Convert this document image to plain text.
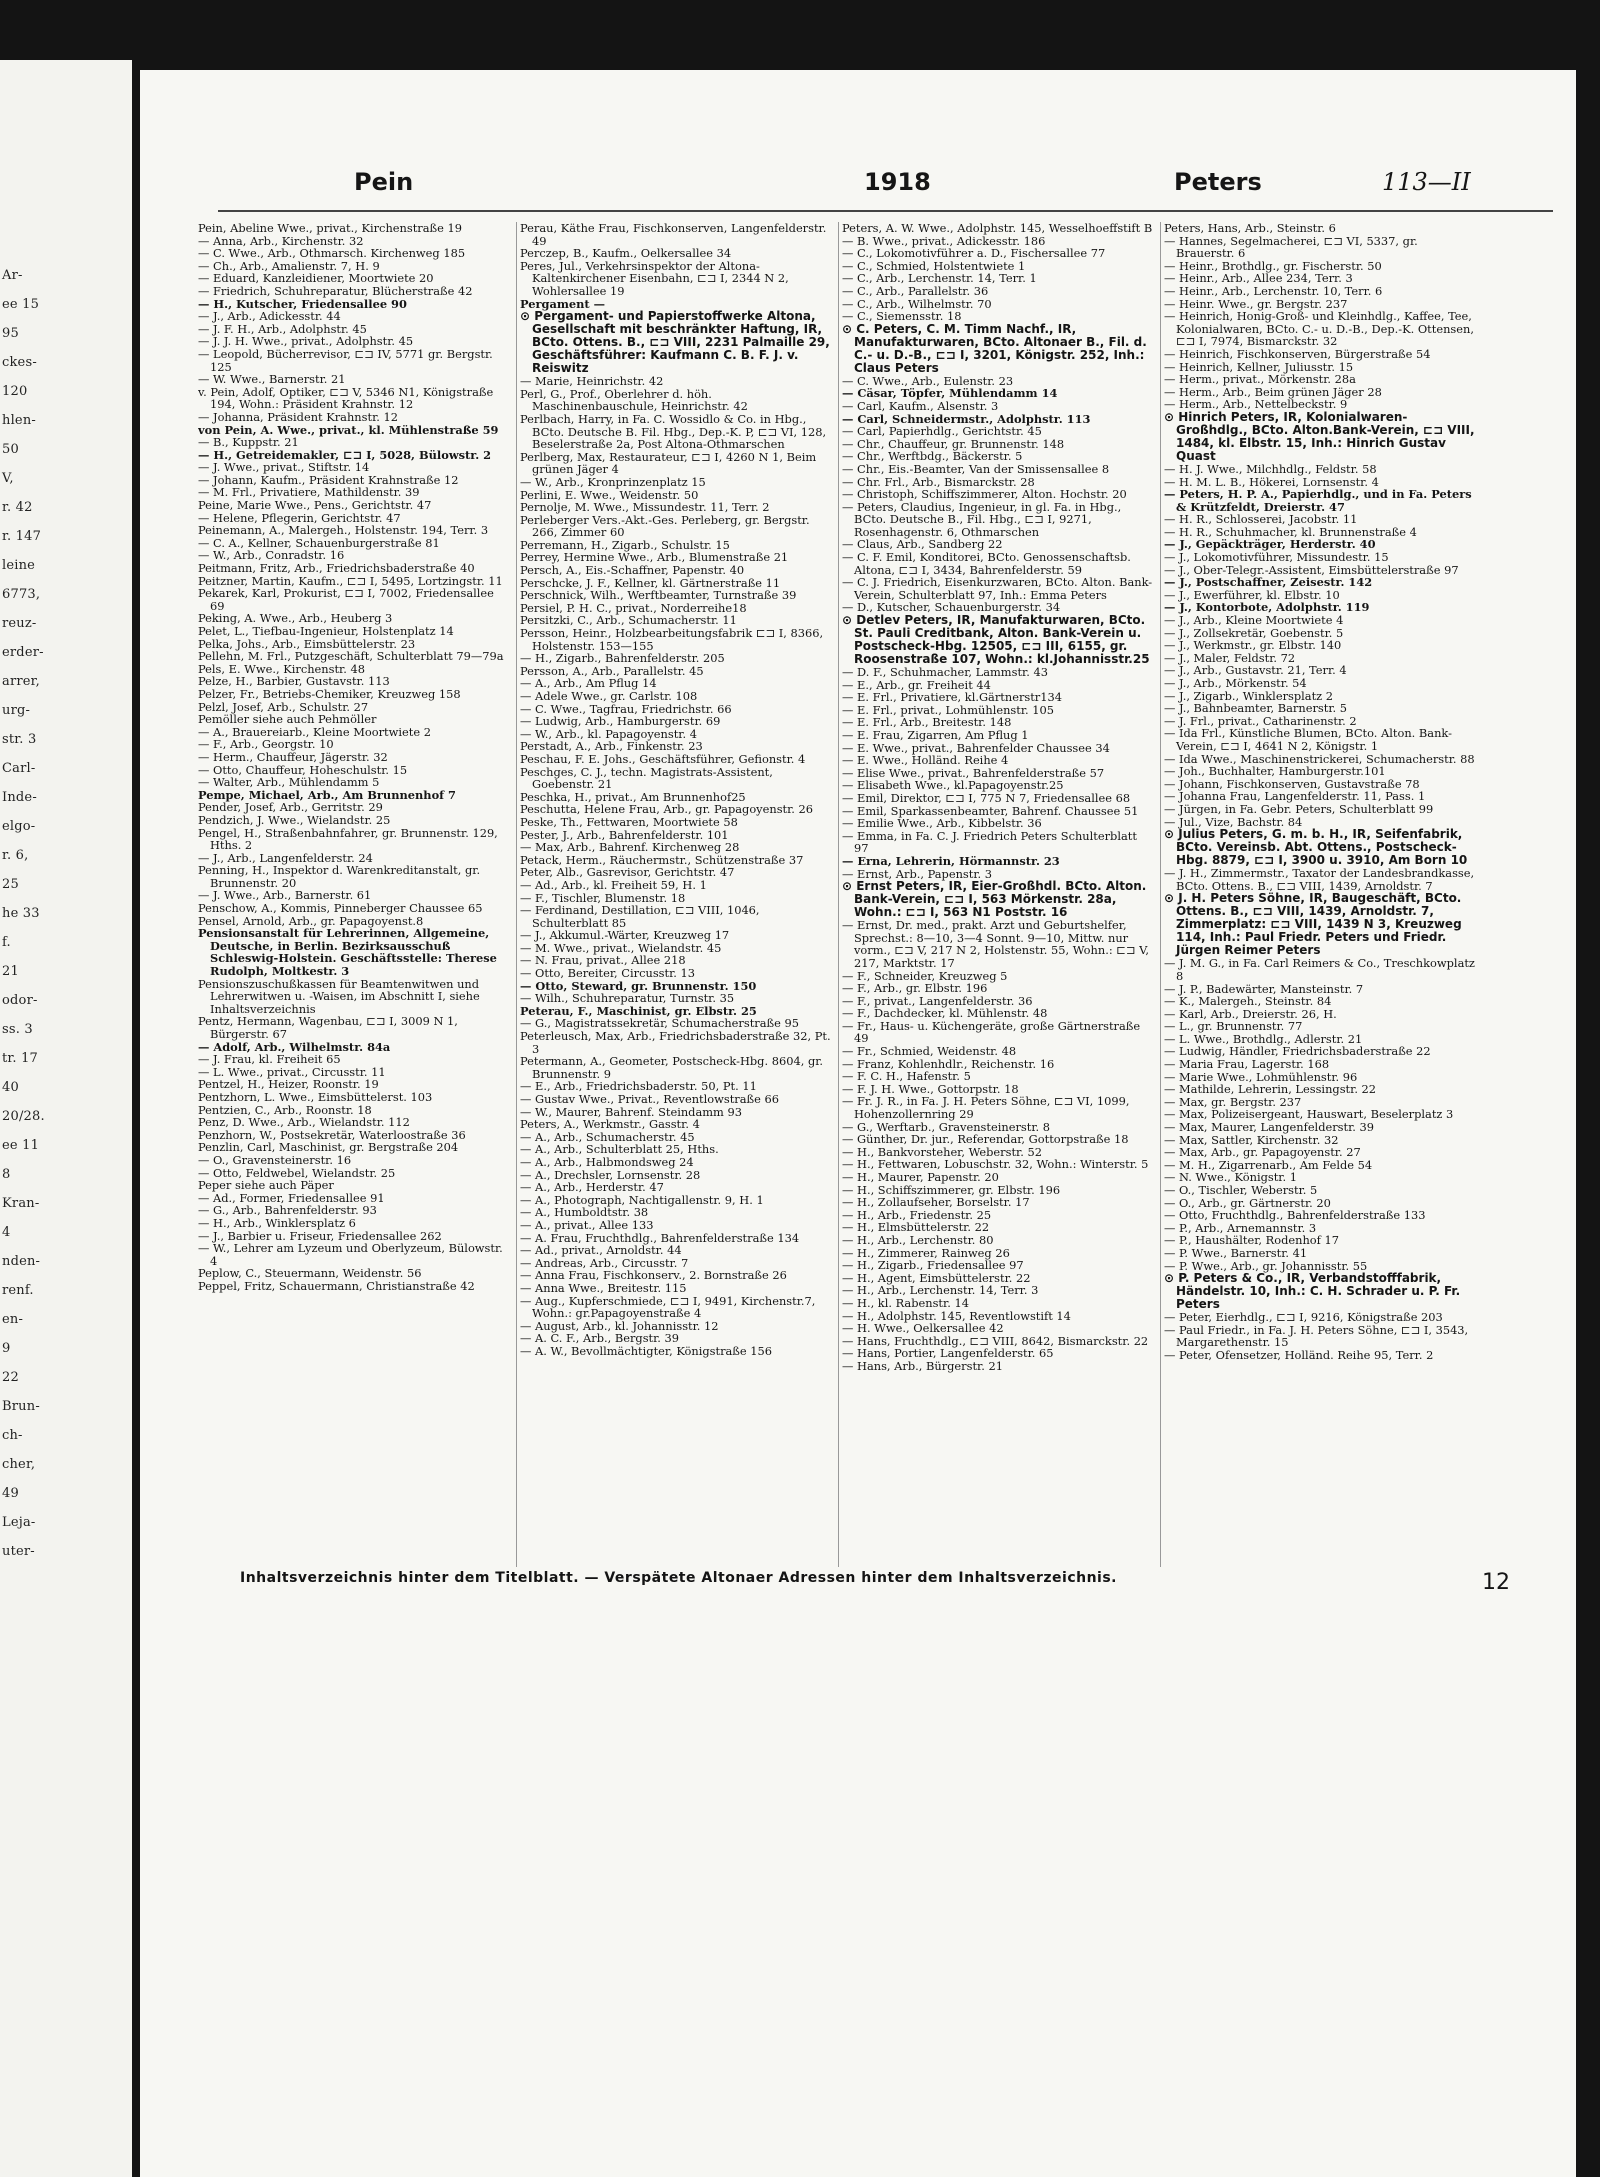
Ar-
ee 15
95
ckes-
120
hlen-
50
V,
r. 42
r. 147
leine
6773,
reuz-
erder-
arrer,
urg-
str. 3
Carl-
Inde-
elgo-
r. 6,
25
he 33
f.
21
odor-
ss. 3
tr. 17
40
20/28.
ee 11
8
Kran-
4
nden-
renf.
en-
9
22
Brun-
ch-
cher,
49
Leja-
uter-
Pein	1918	Peters	113—II
Pein, Abeline Wwe., privat., Kirchenstraße 19
— Anna, Arb., Kirchenstr. 32
— C. Wwe., Arb., Othmarsch. Kirchenweg 185
— Ch., Arb., Amalienstr. 7, H. 9
— Eduard, Kanzleidiener, Moortwiete 20
— Friedrich, Schuhreparatur, Blücherstraße 42
— H., Kutscher, Friedensallee 90
— J., Arb., Adickesstr. 44
— J. F. H., Arb., Adolphstr. 45
— J. J. H. Wwe., privat., Adolphstr. 45
— Leopold, Bücherrevisor, ⊏⊐ IV, 5771 gr. Bergstr. 125
— W. Wwe., Barnerstr. 21
v. Pein, Adolf, Optiker, ⊏⊐ V, 5346 N1, Königstraße 194, Wohn.: Präsident Krahnstr. 12
— Johanna, Präsident Krahnstr. 12
von Pein, A. Wwe., privat., kl. Mühlenstraße 59
— B., Kuppstr. 21
— H., Getreidemakler, ⊏⊐ I, 5028, Bülowstr. 2
— J. Wwe., privat., Stiftstr. 14
— Johann, Kaufm., Präsident Krahnstraße 12
— M. Frl., Privatiere, Mathildenstr. 39
Peine, Marie Wwe., Pens., Gerichtstr. 47
— Helene, Pflegerin, Gerichtstr. 47
Peinemann, A., Malergeh., Holstenstr. 194, Terr. 3
— C. A., Kellner, Schauenburgerstraße 81
— W., Arb., Conradstr. 16
Peitmann, Fritz, Arb., Friedrichsbaderstraße 40
Peitzner, Martin, Kaufm., ⊏⊐ I, 5495, Lortzingstr. 11
Pekarek, Karl, Prokurist, ⊏⊐ I, 7002, Friedensallee 69
Peking, A. Wwe., Arb., Heuberg 3
Pelet, L., Tiefbau-Ingenieur, Holstenplatz 14
Pelka, Johs., Arb., Eimsbüttelerstr. 23
Pellehn, M. Frl., Putzgeschäft, Schulterblatt 79—79a
Pels, E. Wwe., Kirchenstr. 48
Pelze, H., Barbier, Gustavstr. 113
Pelzer, Fr., Betriebs-Chemiker, Kreuzweg 158
Pelzl, Josef, Arb., Schulstr. 27
Pemöller siehe auch Pehmöller
— A., Brauereiarb., Kleine Moortwiete 2
— F., Arb., Georgstr. 10
— Herm., Chauffeur, Jägerstr. 32
— Otto, Chauffeur, Hoheschulstr. 15
— Walter, Arb., Mühlendamm 5
Pempe, Michael, Arb., Am Brunnenhof 7
Pender, Josef, Arb., Gerritstr. 29
Pendzich, J. Wwe., Wielandstr. 25
Pengel, H., Straßenbahnfahrer, gr. Brunnenstr. 129, Hths. 2
— J., Arb., Langenfelderstr. 24
Penning, H., Inspektor d. Warenkreditanstalt, gr. Brunnenstr. 20
— J. Wwe., Arb., Barnerstr. 61
Penschow, A., Kommis, Pinneberger Chaussee 65
Pensel, Arnold, Arb., gr. Papagoyenst.8
Pensionsanstalt für Lehrerinnen, Allgemeine, Deutsche, in Berlin. Bezirksausschuß Schleswig-Holstein. Geschäftsstelle: Therese Rudolph, Moltkestr. 3
Pensionszuschußkassen für Beamtenwitwen und Lehrerwitwen u. -Waisen, im Abschnitt I, siehe Inhaltsverzeichnis
Pentz, Hermann, Wagenbau, ⊏⊐ I, 3009 N 1, Bürgerstr. 67
— Adolf, Arb., Wilhelmstr. 84a
— J. Frau, kl. Freiheit 65
— L. Wwe., privat., Circusstr. 11
Pentzel, H., Heizer, Roonstr. 19
Pentzhorn, L. Wwe., Eimsbüttelerst. 103
Pentzien, C., Arb., Roonstr. 18
Penz, D. Wwe., Arb., Wielandstr. 112
Penzhorn, W., Postsekretär, Waterloostraße 36
Penzlin, Carl, Maschinist, gr. Bergstraße 204
— O., Gravensteinerstr. 16
— Otto, Feldwebel, Wielandstr. 25
Peper siehe auch Päper
— Ad., Former, Friedensallee 91
— G., Arb., Bahrenfelderstr. 93
— H., Arb., Winklersplatz 6
— J., Barbier u. Friseur, Friedensallee 262
— W., Lehrer am Lyzeum und Oberlyzeum, Bülowstr. 4
Peplow, C., Steuermann, Weidenstr. 56
Peppel, Fritz, Schauermann, Christianstraße 42
Perau, Käthe Frau, Fischkonserven, Langenfelderstr. 49
Perczep, B., Kaufm., Oelkersallee 34
Peres, Jul., Verkehrsinspektor der Altona-Kaltenkirchener Eisenbahn, ⊏⊐ I, 2344 N 2, Wohlersallee 19
Pergament —
⊙ Pergament- und Papierstoffwerke Altona, Gesellschaft mit beschränkter Haftung, IR, BCto. Ottens. B., ⊏⊐ VIII, 2231 Palmaille 29, Geschäftsführer: Kaufmann C. B. F. J. v. Reiswitz
— Marie, Heinrichstr. 42
Perl, G., Prof., Oberlehrer d. höh. Maschinenbauschule, Heinrichstr. 42
Perlbach, Harry, in Fa. C. Wossidlo & Co. in Hbg., BCto. Deutsche B. Fil. Hbg., Dep.-K. P, ⊏⊐ VI, 128, Beselerstraße 2a, Post Altona-Othmarschen
Perlberg, Max, Restaurateur, ⊏⊐ I, 4260 N 1, Beim grünen Jäger 4
— W., Arb., Kronprinzenplatz 15
Perlini, E. Wwe., Weidenstr. 50
Pernolje, M. Wwe., Missundestr. 11, Terr. 2
Perleberger Vers.-Akt.-Ges. Perleberg, gr. Bergstr. 266, Zimmer 60
Perremann, H., Zigarb., Schulstr. 15
Perrey, Hermine Wwe., Arb., Blumenstraße 21
Persch, A., Eis.-Schaffner, Papenstr. 40
Perschcke, J. F., Kellner, kl. Gärtnerstraße 11
Perschnick, Wilh., Werftbeamter, Turnstraße 39
Persiel, P. H. C., privat., Norderreihe18
Persitzki, C., Arb., Schumacherstr. 11
Persson, Heinr., Holzbearbeitungsfabrik ⊏⊐ I, 8366, Holstenstr. 153—155
— H., Zigarb., Bahrenfelderstr. 205
Persson, A., Arb., Parallelstr. 45
— A., Arb., Am Pflug 14
— Adele Wwe., gr. Carlstr. 108
— C. Wwe., Tagfrau, Friedrichstr. 66
— Ludwig, Arb., Hamburgerstr. 69
— W., Arb., kl. Papagoyenstr. 4
Perstadt, A., Arb., Finkenstr. 23
Peschau, F. E. Johs., Geschäftsführer, Gefionstr. 4
Peschges, C. J., techn. Magistrats-Assistent, Goebenstr. 21
Peschka, H., privat., Am Brunnenhof25
Peschutta, Helene Frau, Arb., gr. Papagoyenstr. 26
Peske, Th., Fettwaren, Moortwiete 58
Pester, J., Arb., Bahrenfelderstr. 101
— Max, Arb., Bahrenf. Kirchenweg 28
Petack, Herm., Räuchermstr., Schützenstraße 37
Peter, Alb., Gasrevisor, Gerichtstr. 47
— Ad., Arb., kl. Freiheit 59, H. 1
— F., Tischler, Blumenstr. 18
— Ferdinand, Destillation, ⊏⊐ VIII, 1046, Schulterblatt 85
— J., Akkumul.-Wärter, Kreuzweg 17
— M. Wwe., privat., Wielandstr. 45
— N. Frau, privat., Allee 218
— Otto, Bereiter, Circusstr. 13
— Otto, Steward, gr. Brunnenstr. 150
— Wilh., Schuhreparatur, Turnstr. 35
Peterau, F., Maschinist, gr. Elbstr. 25
— G., Magistratssekretär, Schumacherstraße 95
Peterleusch, Max, Arb., Friedrichsbaderstraße 32, Pt. 3
Petermann, A., Geometer, Postscheck-Hbg. 8604, gr. Brunnenstr. 9
— E., Arb., Friedrichsbaderstr. 50, Pt. 11
— Gustav Wwe., Privat., Reventlowstraße 66
— W., Maurer, Bahrenf. Steindamm 93
Peters, A., Werkmstr., Gasstr. 4
— A., Arb., Schumacherstr. 45
— A., Arb., Schulterblatt 25, Hths.
— A., Arb., Halbmondsweg 24
— A., Drechsler, Lornsenstr. 28
— A., Arb., Herderstr. 47
— A., Photograph, Nachtigallenstr. 9, H. 1
— A., Humboldtstr. 38
— A., privat., Allee 133
— A. Frau, Fruchthdlg., Bahrenfelderstraße 134
— Ad., privat., Arnoldstr. 44
— Andreas, Arb., Circusstr. 7
— Anna Frau, Fischkonserv., 2. Bornstraße 26
— Anna Wwe., Breitestr. 115
— Aug., Kupferschmiede, ⊏⊐ I, 9491, Kirchenstr.7, Wohn.: gr.Papagoyenstraße 4
— August, Arb., kl. Johannisstr. 12
— A. C. F., Arb., Bergstr. 39
— A. W., Bevollmächtigter, Königstraße 156
Peters, A. W. Wwe., Adolphstr. 145, Wesselhoeffstift B
— B. Wwe., privat., Adickesstr. 186
— C., Lokomotivführer a. D., Fischersallee 77
— C., Schmied, Holstentwiete 1
— C., Arb., Lerchenstr. 14, Terr. 1
— C., Arb., Parallelstr. 36
— C., Arb., Wilhelmstr. 70
— C., Siemensstr. 18
⊙ C. Peters, C. M. Timm Nachf., IR, Manufakturwaren, BCto. Altonaer B., Fil. d. C.- u. D.-B., ⊏⊐ I, 3201, Königstr. 252, Inh.: Claus Peters
— C. Wwe., Arb., Eulenstr. 23
— Cäsar, Töpfer, Mühlendamm 14
— Carl, Kaufm., Alsenstr. 3
— Carl, Schneidermstr., Adolphstr. 113
— Carl, Papierhdlg., Gerichtstr. 45
— Chr., Chauffeur, gr. Brunnenstr. 148
— Chr., Werftbdg., Bäckerstr. 5
— Chr., Eis.-Beamter, Van der Smissensallee 8
— Chr. Frl., Arb., Bismarckstr. 28
— Christoph, Schiffszimmerer, Alton. Hochstr. 20
— Peters, Claudius, Ingenieur, in gl. Fa. in Hbg., BCto. Deutsche B., Fil. Hbg., ⊏⊐ I, 9271, Rosenhagenstr. 6, Othmarschen
— Claus, Arb., Sandberg 22
— C. F. Emil, Konditorei, BCto. Genossenschaftsb. Altona, ⊏⊐ I, 3434, Bahrenfelderstr. 59
— C. J. Friedrich, Eisenkurzwaren, BCto. Alton. Bank-Verein, Schulterblatt 97, Inh.: Emma Peters
— D., Kutscher, Schauenburgerstr. 34
⊙ Detlev Peters, IR, Manufakturwaren, BCto. St. Pauli Creditbank, Alton. Bank-Verein u. Postscheck-Hbg. 12505, ⊏⊐ III, 6155, gr. Roosenstraße 107, Wohn.: kl.Johannisstr.25
— D. F., Schuhmacher, Lammstr. 43
— E., Arb., gr. Freiheit 44
— E. Frl., Privatiere, kl.Gärtnerstr134
— E. Frl., privat., Lohmühlenstr. 105
— E. Frl., Arb., Breitestr. 148
— E. Frau, Zigarren, Am Pflug 1
— E. Wwe., privat., Bahrenfelder Chaussee 34
— E. Wwe., Holländ. Reihe 4
— Elise Wwe., privat., Bahrenfelderstraße 57
— Elisabeth Wwe., kl.Papagoyenstr.25
— Emil, Direktor, ⊏⊐ I, 775 N 7, Friedensallee 68
— Emil, Sparkassenbeamter, Bahrenf. Chaussee 51
— Emilie Wwe., Arb., Kibbelstr. 36
— Emma, in Fa. C. J. Friedrich Peters Schulterblatt 97
— Erna, Lehrerin, Hörmannstr. 23
— Ernst, Arb., Papenstr. 3
⊙ Ernst Peters, IR, Eier-Großhdl. BCto. Alton. Bank-Verein, ⊏⊐ I, 563 Mörkenstr. 28a, Wohn.: ⊏⊐ I, 563 N1 Poststr. 16
— Ernst, Dr. med., prakt. Arzt und Geburtshelfer, Sprechst.: 8—10, 3—4 Sonnt. 9—10, Mittw. nur vorm., ⊏⊐ V, 217 N 2, Holstenstr. 55, Wohn.: ⊏⊐ V, 217, Marktstr. 17
— F., Schneider, Kreuzweg 5
— F., Arb., gr. Elbstr. 196
— F., privat., Langenfelderstr. 36
— F., Dachdecker, kl. Mühlenstr. 48
— Fr., Haus- u. Küchengeräte, große Gärtnerstraße 49
— Fr., Schmied, Weidenstr. 48
— Franz, Kohlenhdlr., Reichenstr. 16
— F. C. H., Hafenstr. 5
— F. J. H. Wwe., Gottorpstr. 18
— Fr. J. R., in Fa. J. H. Peters Söhne, ⊏⊐ VI, 1099, Hohenzollernring 29
— G., Werftarb., Gravensteinerstr. 8
— Günther, Dr. jur., Referendar, Gottorpstraße 18
— H., Bankvorsteher, Weberstr. 52
— H., Fettwaren, Lobuschstr. 32, Wohn.: Winterstr. 5
— H., Maurer, Papenstr. 20
— H., Schiffszimmerer, gr. Elbstr. 196
— H., Zollaufseher, Borselstr. 17
— H., Arb., Friedenstr. 25
— H., Elmsbüttelerstr. 22
— H., Arb., Lerchenstr. 80
— H., Zimmerer, Rainweg 26
— H., Zigarb., Friedensallee 97
— H., Agent, Eimsbüttelerstr. 22
— H., Arb., Lerchenstr. 14, Terr. 3
— H., kl. Rabenstr. 14
— H., Adolphstr. 145, Reventlowstift 14
— H. Wwe., Oelkersallee 42
— Hans, Fruchthdlg., ⊏⊐ VIII, 8642, Bismarckstr. 22
— Hans, Portier, Langenfelderstr. 65
— Hans, Arb., Bürgerstr. 21
Peters, Hans, Arb., Steinstr. 6
— Hannes, Segelmacherei, ⊏⊐ VI, 5337, gr. Brauerstr. 6
— Heinr., Brothdlg., gr. Fischerstr. 50
— Heinr., Arb., Allee 234, Terr. 3
— Heinr., Arb., Lerchenstr. 10, Terr. 6
— Heinr. Wwe., gr. Bergstr. 237
— Heinrich, Honig-Groß- und Kleinhdlg., Kaffee, Tee, Kolonialwaren, BCto. C.- u. D.-B., Dep.-K. Ottensen, ⊏⊐ I, 7974, Bismarckstr. 32
— Heinrich, Fischkonserven, Bürgerstraße 54
— Heinrich, Kellner, Juliusstr. 15
— Herm., privat., Mörkenstr. 28a
— Herm., Arb., Beim grünen Jäger 28
— Herm., Arb., Nettelbeckstr. 9
⊙ Hinrich Peters, IR, Kolonialwaren-Großhdlg., BCto. Alton.Bank-Verein, ⊏⊐ VIII, 1484, kl. Elbstr. 15, Inh.: Hinrich Gustav Quast
— H. J. Wwe., Milchhdlg., Feldstr. 58
— H. M. L. B., Hökerei, Lornsenstr. 4
— Peters, H. P. A., Papierhdlg., und in Fa. Peters & Krützfeldt, Dreierstr. 47
— H. R., Schlosserei, Jacobstr. 11
— H. R., Schuhmacher, kl. Brunnenstraße 4
— J., Gepäckträger, Herderstr. 40
— J., Lokomotivführer, Missundestr. 15
— J., Ober-Telegr.-Assistent, Eimsbüttelerstraße 97
— J., Postschaffner, Zeisestr. 142
— J., Ewerführer, kl. Elbstr. 10
— J., Kontorbote, Adolphstr. 119
— J., Arb., Kleine Moortwiete 4
— J., Zollsekretär, Goebenstr. 5
— J., Werkmstr., gr. Elbstr. 140
— J., Maler, Feldstr. 72
— J., Arb., Gustavstr. 21, Terr. 4
— J., Arb., Mörkenstr. 54
— J., Zigarb., Winklersplatz 2
— J., Bahnbeamter, Barnerstr. 5
— J. Frl., privat., Catharinenstr. 2
— Ida Frl., Künstliche Blumen, BCto. Alton. Bank-Verein, ⊏⊐ I, 4641 N 2, Königstr. 1
— Ida Wwe., Maschinenstrickerei, Schumacherstr. 88
— Joh., Buchhalter, Hamburgerstr.101
— Johann, Fischkonserven, Gustavstraße 78
— Johanna Frau, Langenfelderstr. 11, Pass. 1
— Jürgen, in Fa. Gebr. Peters, Schulterblatt 99
— Jul., Vize, Bachstr. 84
⊙ Julius Peters, G. m. b. H., IR, Seifenfabrik, BCto. Vereinsb. Abt. Ottens., Postscheck-Hbg. 8879, ⊏⊐ I, 3900 u. 3910, Am Born 10
— J. H., Zimmermstr., Taxator der Landesbrandkasse, BCto. Ottens. B., ⊏⊐ VIII, 1439, Arnoldstr. 7
⊙ J. H. Peters Söhne, IR, Baugeschäft, BCto. Ottens. B., ⊏⊐ VIII, 1439, Arnoldstr. 7, Zimmerplatz: ⊏⊐ VIII, 1439 N 3, Kreuzweg 114, Inh.: Paul Friedr. Peters und Friedr. Jürgen Reimer Peters
— J. M. G., in Fa. Carl Reimers & Co., Treschkowplatz 8
— J. P., Badewärter, Mansteinstr. 7
— K., Malergeh., Steinstr. 84
— Karl, Arb., Dreierstr. 26, H.
— L., gr. Brunnenstr. 77
— L. Wwe., Brothdlg., Adlerstr. 21
— Ludwig, Händler, Friedrichsbaderstraße 22
— Maria Frau, Lagerstr. 168
— Marie Wwe., Lohmühlenstr. 96
— Mathilde, Lehrerin, Lessingstr. 22
— Max, gr. Bergstr. 237
— Max, Polizeisergeant, Hauswart, Beselerplatz 3
— Max, Maurer, Langenfelderstr. 39
— Max, Sattler, Kirchenstr. 32
— Max, Arb., gr. Papagoyenstr. 27
— M. H., Zigarrenarb., Am Felde 54
— N. Wwe., Königstr. 1
— O., Tischler, Weberstr. 5
— O., Arb., gr. Gärtnerstr. 20
— Otto, Fruchthdlg., Bahrenfelderstraße 133
— P., Arb., Arnemannstr. 3
— P., Haushälter, Rodenhof 17
— P. Wwe., Barnerstr. 41
— P. Wwe., Arb., gr. Johannisstr. 55
⊙ P. Peters & Co., IR, Verbandstofffabrik, Händelstr. 10, Inh.: C. H. Schrader u. P. Fr. Peters
— Peter, Eierhdlg., ⊏⊐ I, 9216, Königstraße 203
— Paul Friedr., in Fa. J. H. Peters Söhne, ⊏⊐ I, 3543, Margarethenstr. 15
— Peter, Ofensetzer, Holländ. Reihe 95, Terr. 2
Inhaltsverzeichnis hinter dem Titelblatt. — Verspätete Altonaer Adressen hinter dem Inhaltsverzeichnis.	12
